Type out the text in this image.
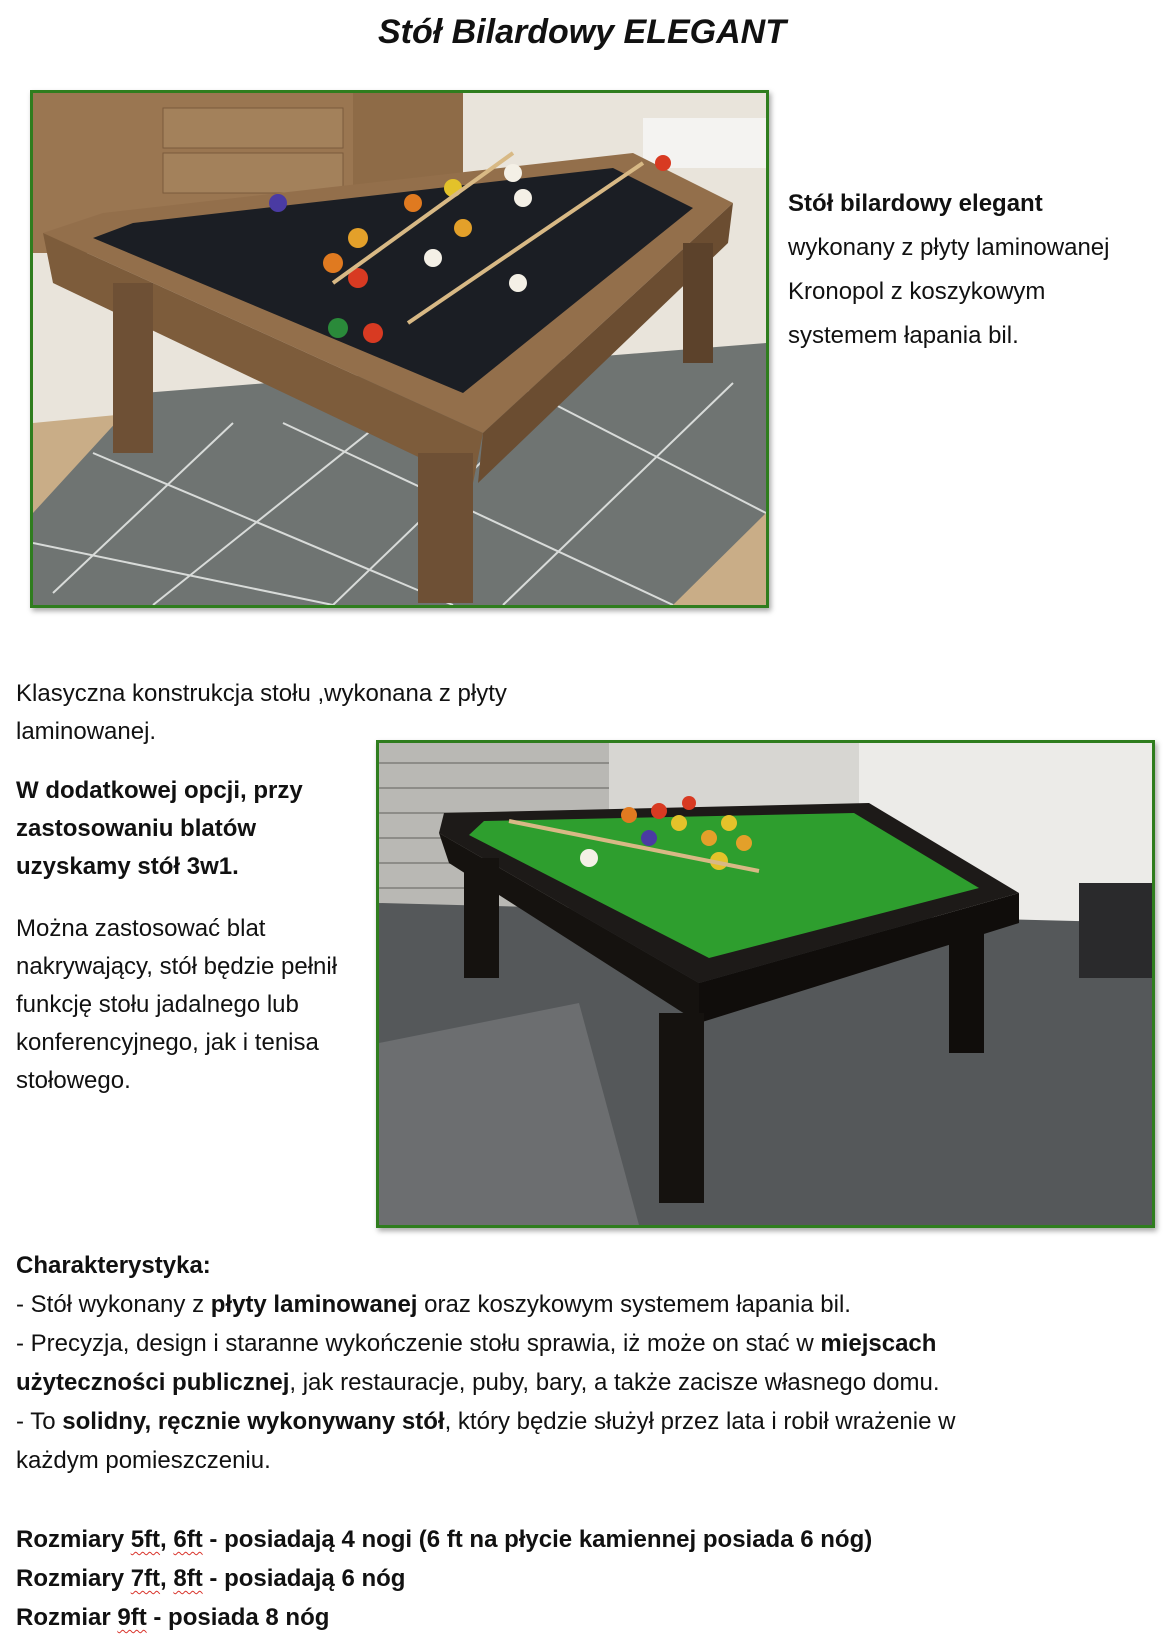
Stół Bilardowy ELEGANT

Stół bilardowy elegant wykonany z płyty laminowanej Kronopol z koszykowym systemem łapania bil.

Klasyczna konstrukcja stołu ,wykonana z płyty laminowanej.

W dodatkowej opcji, przy zastosowaniu blatów uzyskamy stół 3w1.

Można zastosować blat nakrywający, stół będzie pełnił funkcję stołu jadalnego lub konferencyjnego, jak i tenisa stołowego.

Charakterystyka:
- Stół wykonany z płyty laminowanej oraz koszykowym systemem łapania bil.
- Precyzja, design i staranne wykończenie stołu sprawia, iż może on stać w miejscach
użyteczności publicznej, jak restauracje, puby, bary, a także zacisze własnego domu.
- To solidny, ręcznie wykonywany stół, który będzie służył przez lata i robił wrażenie w
każdym pomieszczeniu.
Rozmiary 5ft, 6ft - posiadają 4 nogi (6 ft na płycie kamiennej posiada 6 nóg)
Rozmiary 7ft, 8ft - posiadają 6 nóg
Rozmiar 9ft - posiada 8 nóg
